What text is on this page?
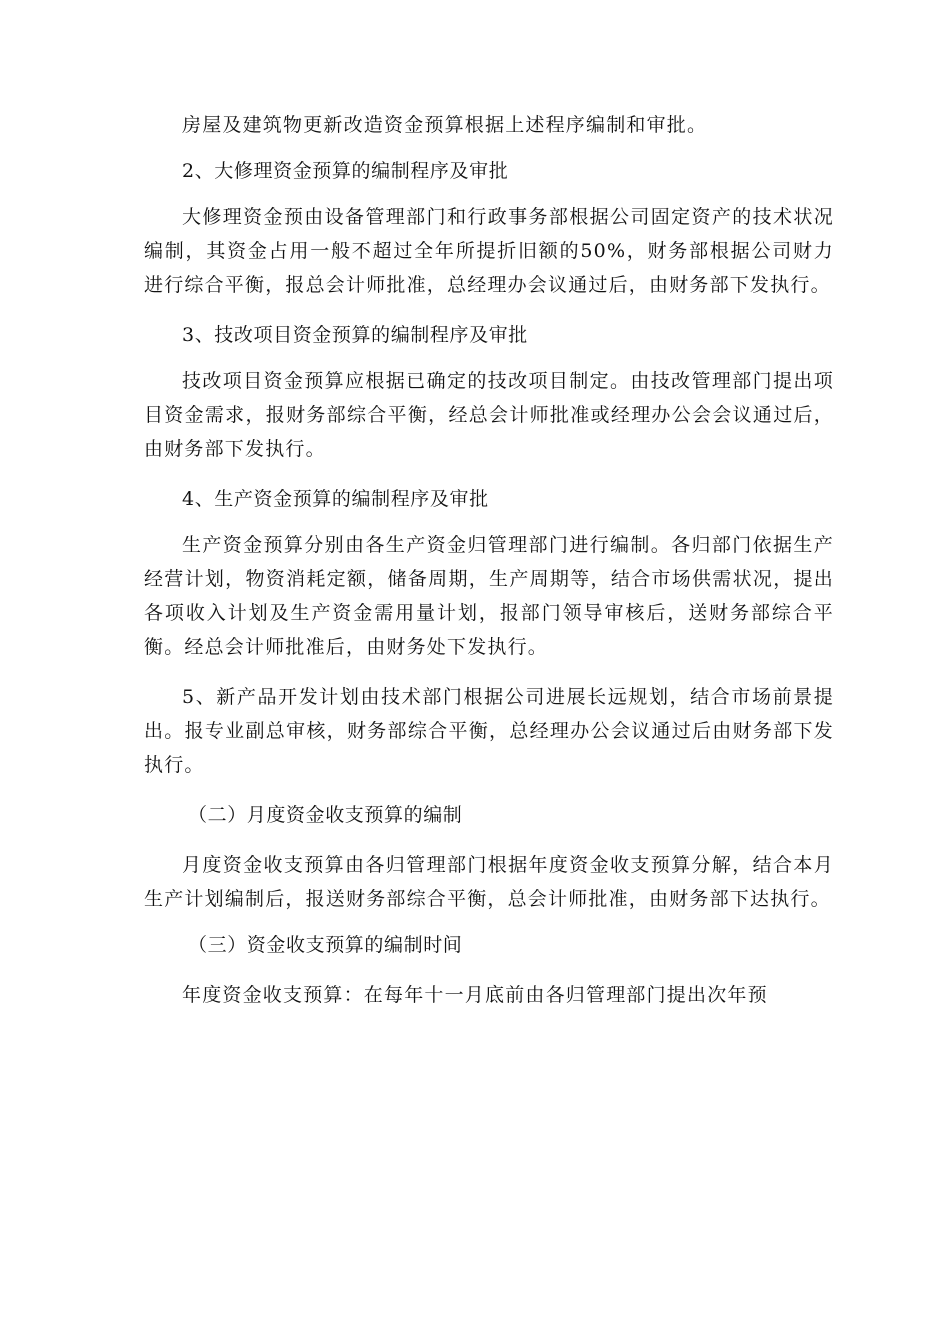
房屋及建筑物更新改造资金预算根据上述程序编制和审批。

2、大修理资金预算的编制程序及审批

大修理资金预由设备管理部门和行政事务部根据公司固定资产的技术状况编制，其资金占用一般不超过全年所提折旧额的50%，财务部根据公司财力进行综合平衡，报总会计师批准，总经理办会议通过后，由财务部下发执行。

3、技改项目资金预算的编制程序及审批

技改项目资金预算应根据已确定的技改项目制定。由技改管理部门提出项目资金需求，报财务部综合平衡，经总会计师批准或经理办公会会议通过后，由财务部下发执行。

4、生产资金预算的编制程序及审批

生产资金预算分别由各生产资金归管理部门进行编制。各归部门依据生产经营计划，物资消耗定额，储备周期，生产周期等，结合市场供需状况，提出各项收入计划及生产资金需用量计划，报部门领导审核后，送财务部综合平衡。经总会计师批准后，由财务处下发执行。

5、新产品开发计划由技术部门根据公司进展长远规划，结合市场前景提出。报专业副总审核，财务部综合平衡，总经理办公会议通过后由财务部下发执行。

（二）月度资金收支预算的编制

月度资金收支预算由各归管理部门根据年度资金收支预算分解，结合本月生产计划编制后，报送财务部综合平衡，总会计师批准，由财务部下达执行。

（三）资金收支预算的编制时间

年度资金收支预算：在每年十一月底前由各归管理部门提出次年预
